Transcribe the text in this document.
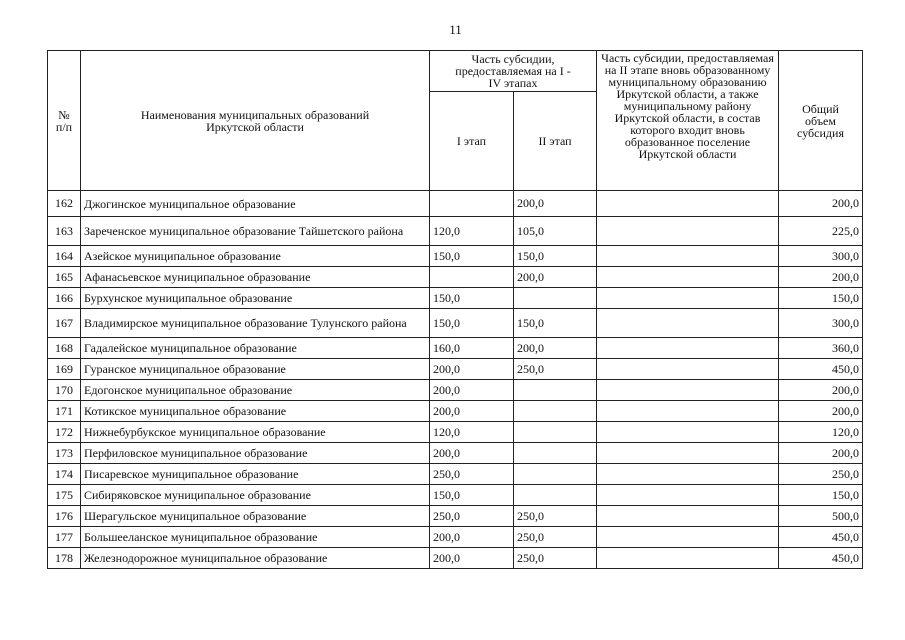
11
№
п/п	Наименования муниципальных образований Иркутской области	Часть субсидии, предоставляемая на I - IV этапах		Часть субсидии, предоставляемая на II этапе вновь образованному муниципальному образованию Иркутской области, а также муниципальному району Иркутской области, в состав которого входит вновь образованное поселение Иркутской области	Общий объем субсидия
		I этап	II этап		
162	Джогинское муниципальное образование		200,0		200,0
163	Зареченское муниципальное образование Тайшетского района	120,0	105,0		225,0
164	Азейское муниципальное образование	150,0	150,0		300,0
165	Афанасьевское муниципальное образование		200,0		200,0
166	Бурхунское муниципальное образование	150,0			150,0
167	Владимирское муниципальное образование Тулунского района	150,0	150,0		300,0
168	Гадалейское муниципальное образование	160,0	200,0		360,0
169	Гуранское муниципальное образование	200,0	250,0		450,0
170	Едогонское муниципальное образование	200,0			200,0
171	Котикское муниципальное образование	200,0			200,0
172	Нижнебурбукское муниципальное образование	120,0			120,0
173	Перфиловское муниципальное образование	200,0			200,0
174	Писаревское муниципальное образование	250,0			250,0
175	Сибиряковское муниципальное образование	150,0			150,0
176	Шерагульское муниципальное образование	250,0	250,0		500,0
177	Большееланское муниципальное образование	200,0	250,0		450,0
178	Железнодорожное муниципальное образование	200,0	250,0		450,0
